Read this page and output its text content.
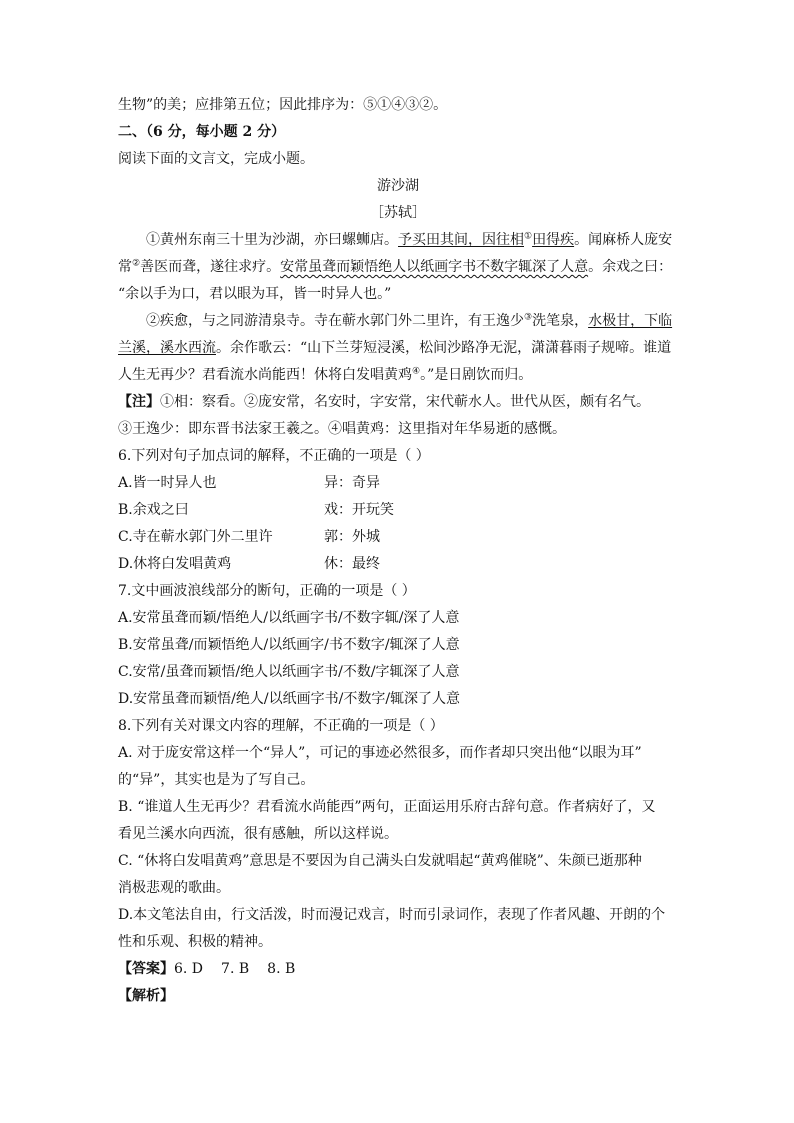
生物”的美；应排第五位；因此排序为：⑤①④③②。
二、（6 分，每小题 2 分）
阅读下面的文言文，完成小题。
游沙湖
［苏轼］
①黄州东南三十里为沙湖，亦曰螺蛳店。予买田其间，因往相①田得疾。闻麻桥人庞安
常②善医而聋，遂往求疗。安常虽聋而颖悟绝人以纸画字书不数字辄深了人意。余戏之曰：
“余以手为口，君以眼为耳，皆一时异人也。”
②疾愈，与之同游清泉寺。寺在蕲水郭门外二里许，有王逸少③洗笔泉，水极甘，下临
兰溪，溪水西流。余作歌云：“山下兰芽短浸溪，松间沙路净无泥，潇潇暮雨子规啼。谁道
人生无再少？君看流水尚能西！休将白发唱黄鸡④。”是日剧饮而归。
【注】①相：察看。②庞安常，名安时，字安常，宋代蕲水人。世代从医，颇有名气。
③王逸少：即东晋书法家王羲之。④唱黄鸡：这里指对年华易逝的感慨。
6.下列对句子加点词的解释，不正确的一项是（ ）
A.皆一时异人也	异：奇异
B.余戏之曰	戏：开玩笑
C.寺在蕲水郭门外二里许	郭：外城
D.休将白发唱黄鸡	休：最终
7.文中画波浪线部分的断句，正确的一项是（ ）
A.安常虽聋而颖/悟绝人/以纸画字书/不数字辄/深了人意
B.安常虽聋/而颖悟绝人/以纸画字/书不数字/辄深了人意
C.安常/虽聋而颖悟/绝人以纸画字书/不数/字辄深了人意
D.安常虽聋而颖悟/绝人/以纸画字书/不数字/辄深了人意
8.下列有关对课文内容的理解，不正确的一项是（ ）
A. 对于庞安常这样一个“异人”，可记的事迹必然很多，而作者却只突出他“以眼为耳”
的“异”，其实也是为了写自己。
B. “谁道人生无再少？君看流水尚能西”两句，正面运用乐府古辞句意。作者病好了，又
看见兰溪水向西流，很有感触，所以这样说。
C. “休将白发唱黄鸡”意思是不要因为自己满头白发就唱起“黄鸡催晓”、朱颜已逝那种
消极悲观的歌曲。
D.本文笔法自由，行文活泼，时而漫记戏言，时而引录词作，表现了作者风趣、开朗的个
性和乐观、积极的精神。
【答案】6. D 7. B 8. B
【解析】
